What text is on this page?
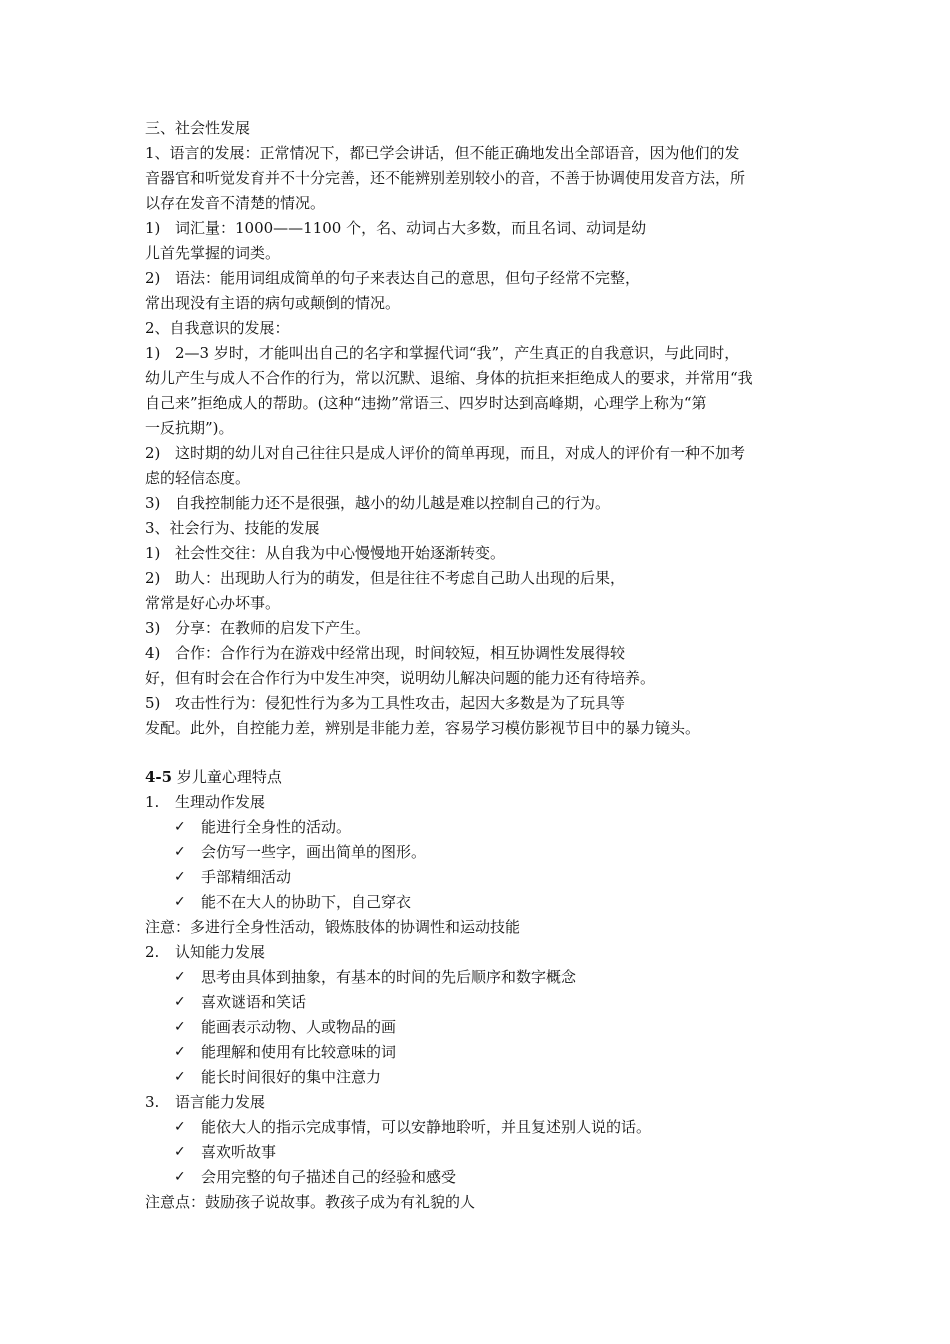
三、社会性发展
1、语言的发展：正常情况下，都已学会讲话，但不能正确地发出全部语音，因为他们的发
音器官和听觉发育并不十分完善，还不能辨别差别较小的音，不善于协调使用发音方法，所
以存在发音不清楚的情况。
1) 词汇量：1000——1100 个，名、动词占大多数，而且名词、动词是幼
儿首先掌握的词类。
2) 语法：能用词组成简单的句子来表达自己的意思，但句子经常不完整，
常出现没有主语的病句或颠倒的情况。
2、自我意识的发展：
1) 2—3 岁时，才能叫出自己的名字和掌握代词“我”，产生真正的自我意识，与此同时，
幼儿产生与成人不合作的行为，常以沉默、退缩、身体的抗拒来拒绝成人的要求，并常用“我
自己来”拒绝成人的帮助。(这种“违拗”常语三、四岁时达到高峰期，心理学上称为“第
一反抗期”)。
2) 这时期的幼儿对自己往往只是成人评价的简单再现，而且，对成人的评价有一种不加考
虑的轻信态度。
3) 自我控制能力还不是很强，越小的幼儿越是难以控制自己的行为。
3、社会行为、技能的发展
1) 社会性交往：从自我为中心慢慢地开始逐渐转变。
2) 助人：出现助人行为的萌发，但是往往不考虑自己助人出现的后果，
常常是好心办坏事。
3) 分享：在教师的启发下产生。
4) 合作：合作行为在游戏中经常出现，时间较短，相互协调性发展得较
好，但有时会在合作行为中发生冲突，说明幼儿解决问题的能力还有待培养。
5) 攻击性行为：侵犯性行为多为工具性攻击，起因大多数是为了玩具等
发配。此外，自控能力差，辨别是非能力差，容易学习模仿影视节目中的暴力镜头。
4-5 岁儿童心理特点
1. 生理动作发展
✓ 能进行全身性的活动。
✓ 会仿写一些字，画出简单的图形。
✓ 手部精细活动
✓ 能不在大人的协助下，自己穿衣
注意：多进行全身性活动，锻炼肢体的协调性和运动技能
2. 认知能力发展
✓ 思考由具体到抽象，有基本的时间的先后顺序和数字概念
✓ 喜欢谜语和笑话
✓ 能画表示动物、人或物品的画
✓ 能理解和使用有比较意味的词
✓ 能长时间很好的集中注意力
3. 语言能力发展
✓ 能依大人的指示完成事情，可以安静地聆听，并且复述别人说的话。
✓ 喜欢听故事
✓ 会用完整的句子描述自己的经验和感受
注意点：鼓励孩子说故事。教孩子成为有礼貌的人
